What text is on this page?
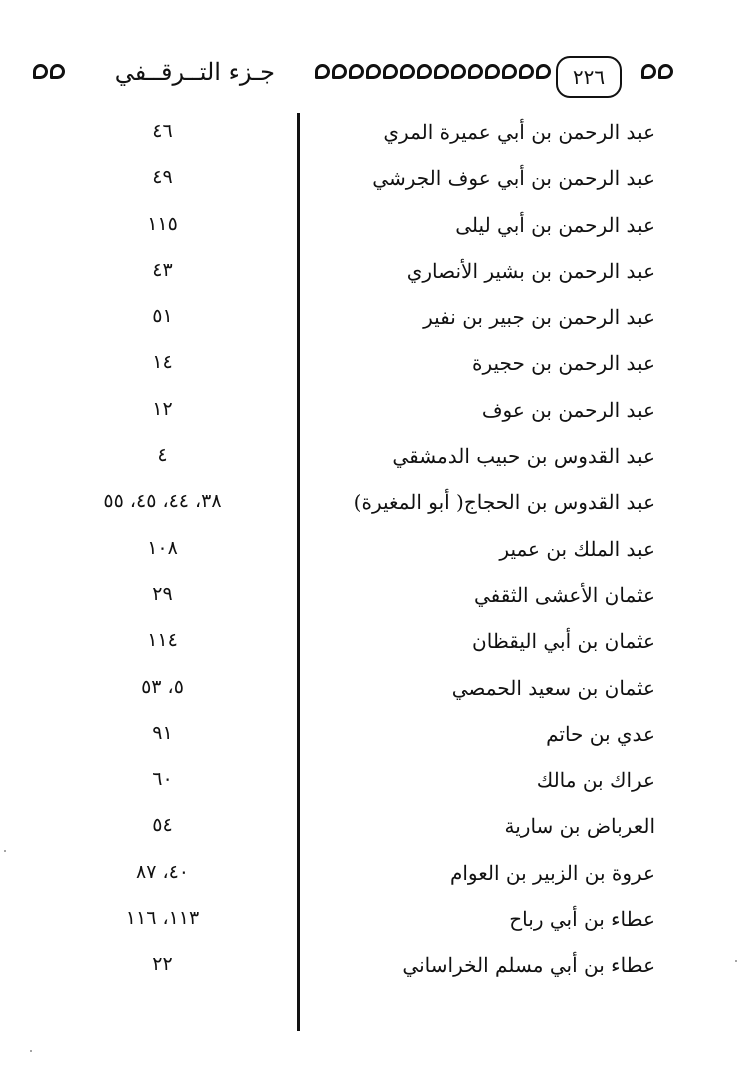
٢٢٦
جـزء التــرقــفي
عبد الرحمن بن أبي عميرة المري
٤٦
عبد الرحمن بن أبي عوف الجرشي
٤٩
عبد الرحمن بن أبي ليلى
١١٥
عبد الرحمن بن بشير الأنصاري
٤٣
عبد الرحمن بن جبير بن نفير
٥١
عبد الرحمن بن حجيرة
١٤
عبد الرحمن بن عوف
١٢
عبد القدوس بن حبيب الدمشقي
٤
عبد القدوس بن الحجاج( أبو المغيرة)
٣٨، ٤٤، ٤٥، ٥٥
عبد الملك بن عمير
١٠٨
عثمان الأعشى الثقفي
٢٩
عثمان بن أبي اليقظان
١١٤
عثمان بن سعيد الحمصي
٥، ٥٣
عدي بن حاتم
٩١
عراك بن مالك
٦٠
العرباض بن سارية
٥٤
عروة بن الزبير بن العوام
٤٠، ٨٧
عطاء بن أبي رباح
١١٣، ١١٦
عطاء بن أبي مسلم الخراساني
٢٢
